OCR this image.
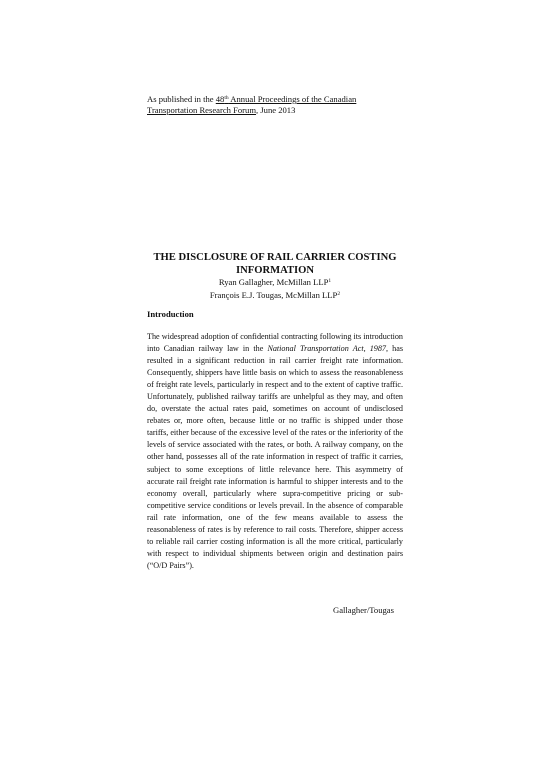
As published in the 48th Annual Proceedings of the Canadian
Transportation Research Forum, June 2013
THE DISCLOSURE OF RAIL CARRIER COSTING
INFORMATION
Ryan Gallagher, McMillan LLP$^1$
François E.J. Tougas, McMillan LLP$^2$
Introduction
The widespread adoption of confidential contracting following its introduction into Canadian railway law in the National Transportation Act, 1987, has resulted in a significant reduction in rail carrier freight rate information. Consequently, shippers have little basis on which to assess the reasonableness of freight rate levels, particularly in respect and to the extent of captive traffic. Unfortunately, published railway tariffs are unhelpful as they may, and often do, overstate the actual rates paid, sometimes on account of undisclosed rebates or, more often, because little or no traffic is shipped under those tariffs, either because of the excessive level of the rates or the inferiority of the levels of service associated with the rates, or both. A railway company, on the other hand, possesses all of the rate information in respect of traffic it carries, subject to some exceptions of little relevance here. This asymmetry of accurate rail freight rate information is harmful to shipper interests and to the economy overall, particularly where supra-competitive pricing or sub-competitive service conditions or levels prevail. In the absence of comparable rail rate information, one of the few means available to assess the reasonableness of rates is by reference to rail costs. Therefore, shipper access to reliable rail carrier costing information is all the more critical, particularly with respect to individual shipments between origin and destination pairs (“O/D Pairs”).
Gallagher/Tougas
